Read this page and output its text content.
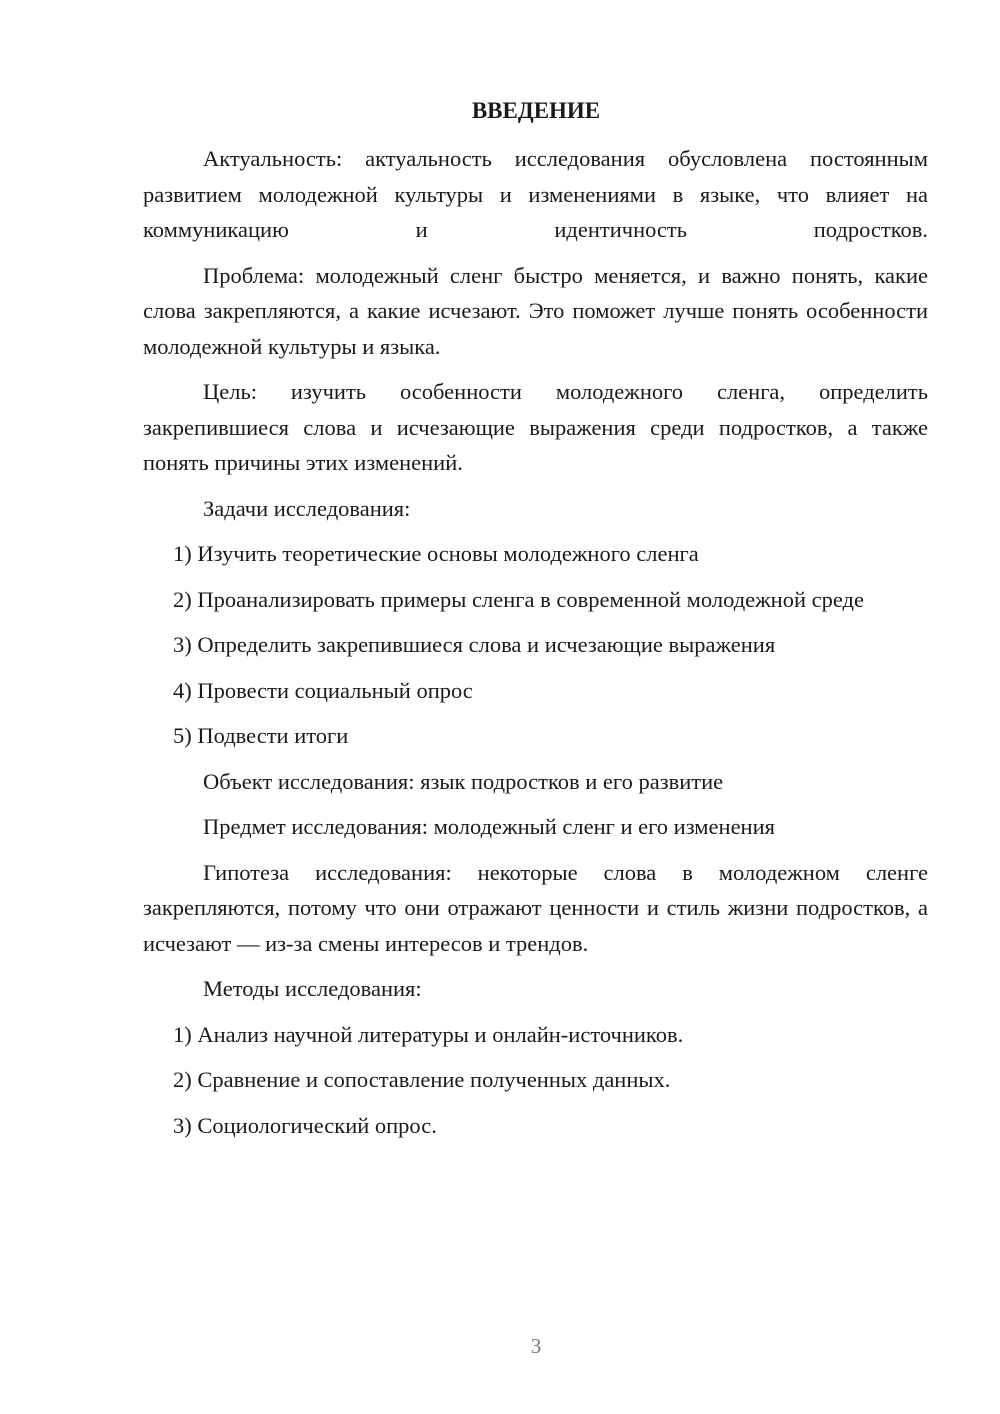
ВВЕДЕНИЕ

Актуальность: актуальность исследования обусловлена постоянным развитием молодежной культуры и изменениями в языке, что влияет на коммуникацию и идентичность подростков.

Проблема: молодежный сленг быстро меняется, и важно понять, какие слова закрепляются, а какие исчезают. Это поможет лучше понять особенности молодежной культуры и языка.

Цель: изучить особенности молодежного сленга, определить закрепившиеся слова и исчезающие выражения среди подростков, а также понять причины этих изменений.

Задачи исследования:

1) Изучить теоретические основы молодежного сленга

2) Проанализировать примеры сленга в современной молодежной среде

3) Определить закрепившиеся слова и исчезающие выражения

4) Провести социальный опрос

5) Подвести итоги

Объект исследования: язык подростков и его развитие

Предмет исследования: молодежный сленг и его изменения

Гипотеза исследования: некоторые слова в молодежном сленге закрепляются, потому что они отражают ценности и стиль жизни подростков, а исчезают — из-за смены интересов и трендов.

Методы исследования:

1) Анализ научной литературы и онлайн-источников.

2) Сравнение и сопоставление полученных данных.

3) Социологический опрос.

3
